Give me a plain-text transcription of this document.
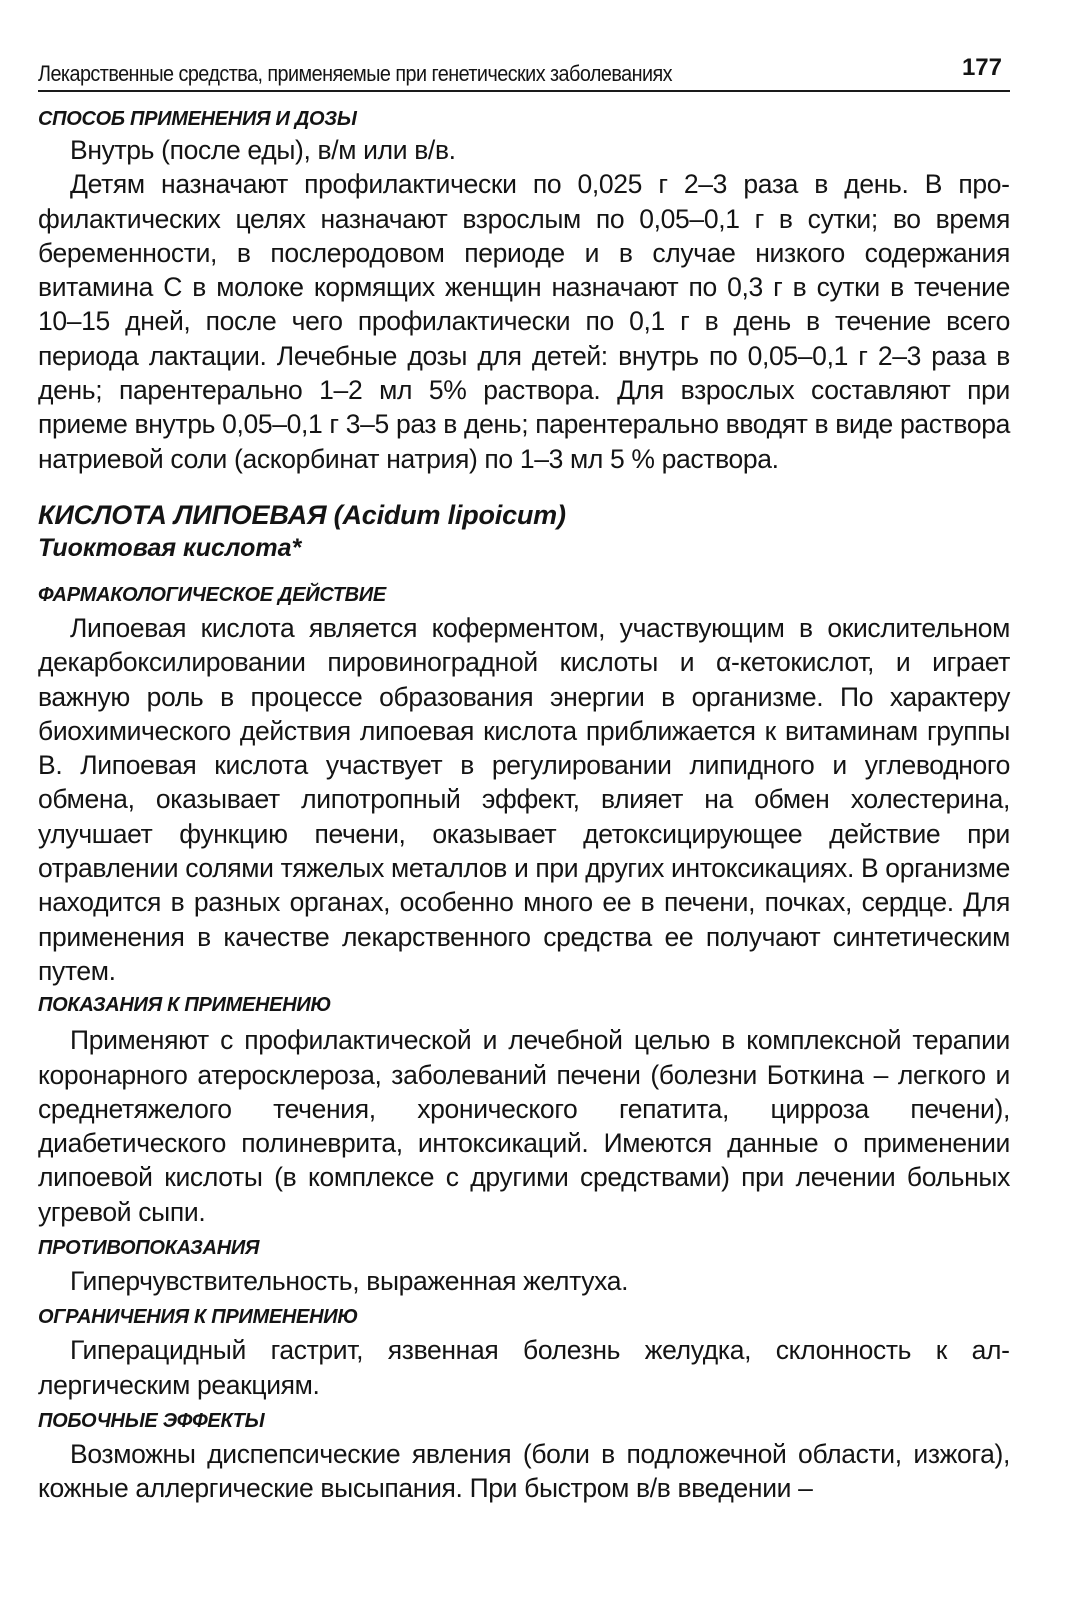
Лекарственные средства, применяемые при генетических заболеваниях	177
СПОСОБ ПРИМЕНЕНИЯ И ДОЗЫ

Внутрь (после еды), в/м или в/в.

Детям назначают профилактически по 0,025 г 2–3 раза в день. В профилактических целях назначают взрослым по 0,05–0,1 г в сутки; во время беременности, в послеродовом периоде и в случае низкого содержания витамина С в молоке кормящих женщин назначают по 0,3 г в сутки в течение 10–15 дней, после чего профилактически по 0,1 г в день в течение всего периода лактации. Лечебные дозы для детей: внутрь по 0,05–0,1 г 2–3 раза в день; парентерально 1–2 мл 5% раствора. Для взрослых составляют при приеме внутрь 0,05–0,1 г 3–5 раз в день; парентерально вводят в виде раствора натриевой соли (аскорбинат натрия) по 1–3 мл 5 % раствора.

КИСЛОТА ЛИПОЕВАЯ (Acidum lipoicum)
Тиоктовая кислота*
ФАРМАКОЛОГИЧЕСКОЕ ДЕЙСТВИЕ

Липоевая кислота является коферментом, участвующим в окислительном декарбоксилировании пировиноградной кислоты и α-кетокислот, и играет важную роль в процессе образования энергии в организме. По характеру биохимического действия липоевая кислота приближается к витаминам группы В. Липоевая кислота участвует в регулировании липидного и углеводного обмена, оказывает липотропный эффект, влияет на обмен холестерина, улучшает функцию печени, оказывает детоксицирующее действие при отравлении солями тяжелых металлов и при других интоксикациях. В организме находится в разных органах, особенно много ее в печени, почках, сердце. Для применения в качестве лекарственного средства ее получают синтетическим путем.

ПОКАЗАНИЯ К ПРИМЕНЕНИЮ

Применяют с профилактической и лечебной целью в комплексной терапии коронарного атеросклероза, заболеваний печени (болезни Боткина – легкого и среднетяжелого течения, хронического гепатита, цирроза печени), диабетического полиневрита, интоксикаций. Имеются данные о применении липоевой кислоты (в комплексе с другими средствами) при лечении больных угревой сыпи.

ПРОТИВОПОКАЗАНИЯ

Гиперчувствительность, выраженная желтуха.

ОГРАНИЧЕНИЯ К ПРИМЕНЕНИЮ

Гиперацидный гастрит, язвенная болезнь желудка, склонность к аллергическим реакциям.

ПОБОЧНЫЕ ЭФФЕКТЫ

Возможны диспепсические явления (боли в подложечной области, изжога), кожные аллергические высыпания. При быстром в/в введении –
